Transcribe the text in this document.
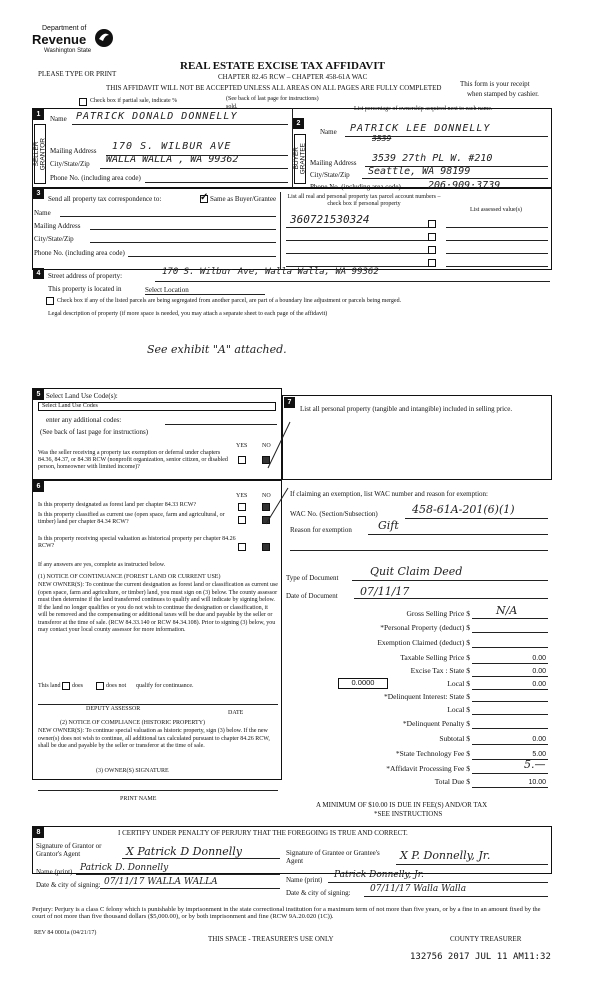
Department of
Revenue
Washington State
PLEASE TYPE OR PRINT
REAL ESTATE EXCISE TAX AFFIDAVIT
CHAPTER 82.45 RCW – CHAPTER 458-61A WAC
THIS AFFIDAVIT WILL NOT BE ACCEPTED UNLESS ALL AREAS ON ALL PAGES ARE FULLY COMPLETED	This form is your receipt
when stamped by cashier.
Check box if partial sale, indicate %
sold.
(See back of last page for instructions)
List percentage of ownership acquired next to each name.
1
2
SELLER
GRANTOR	BUYER
GRANTEE
Name PATRICK DONALD DONNELLY
Mailing Address 170 S. WILBUR AVE
City/State/Zip WALLA WALLA , WA 99362
Phone No. (including area code)
Name PATRICK LEE DONNELLY
3539
Mailing Address 3539 27th PL W. #210
City/State/Zip Seattle, WA 98199
Phone No. (including area code)	206·909·3739
3
Send all property tax correspondence to:	✓ Same as Buyer/Grantee
Name
Mailing Address
City/State/Zip
Phone No. (including area code)
List all real and personal property tax parcel account numbers – check box if personal property
List assessed value(s)
360721530324
4	Street address of property:	170 S. Wilbur Ave, Walla Walla, WA 99362
This property is located in	Select Location
Check box if any of the listed parcels are being segregated from another parcel, are part of a boundary line adjustment or parcels being merged.
Legal description of property (if more space is needed, you may attach a separate sheet to each page of the affidavit)
See exhibit "A" attached.
5 Select Land Use Code(s):
Select Land Use Codes
enter any additional codes:
(See back of last page for instructions)
YES NO
Was the seller receiving a property tax exemption or deferral under chapters 84.36, 84.37, or 84.38 RCW (nonprofit organization, senior citizen, or disabled person, homeowner with limited income)?
7
List all personal property (tangible and intangible) included in selling price.
6
YES NO
Is this property designated as forest land per chapter 84.33 RCW?
Is this property classified as current use (open space, farm and agricultural, or timber) land per chapter 84.34 RCW?
Is this property receiving special valuation as historical property per chapter 84.26 RCW?
If any answers are yes, complete as instructed below.
(1) NOTICE OF CONTINUANCE (FOREST LAND OR CURRENT USE)
NEW OWNER(S): To continue the current designation as forest land or classification as current use (open space, farm and agriculture, or timber) land, you must sign on (3) below. The county assessor must then determine if the land transferred continues to qualify and will indicate by signing below. If the land no longer qualifies or you do not wish to continue the designation or classification, it will be removed and the compensating or additional taxes will be due and payable by the seller or transferor at the time of sale. (RCW 84.33.140 or RCW 84.34.108). Prior to signing (3) below, you may contact your local county assessor for more information.
This land does	does not qualify for continuance.
DEPUTY ASSESSOR
DATE
(2) NOTICE OF COMPLIANCE (HISTORIC PROPERTY)
NEW OWNER(S): To continue special valuation as historic property, sign (3) below. If the new owner(s) does not wish to continue, all additional tax calculated pursuant to chapter 84.26 RCW, shall be due and payable by the seller or transferor at the time of sale.
(3) OWNER(S) SIGNATURE
PRINT NAME
If claiming an exemption, list WAC number and reason for exemption:
WAC No. (Section/Subsection)	458-61A-201(6)(1)
Reason for exemption Gift
Type of Document	Quit Claim Deed
Date of Document 07/11/17
Gross Selling Price $ N/A
*Personal Property (deduct) $
Exemption Claimed (deduct) $
Taxable Selling Price $	0.00
Excise Tax : State $	0.00
0.0000	Local $	0.00
*Delinquent Interest: State $
Local $
*Delinquent Penalty $
Subtotal $	0.00
*State Technology Fee $	5.00
*Affidavit Processing Fee $	5.—
Total Due $	10.00
A MINIMUM OF $10.00 IS DUE IN FEE(S) AND/OR TAX
*SEE INSTRUCTIONS
8	I CERTIFY UNDER PENALTY OF PERJURY THAT THE FOREGOING IS TRUE AND CORRECT.
Signature of Grantor or Grantor's Agent	X Patrick D Donnelly
Name (print) Patrick D. Donnelly
Date & city of signing: 07/11/17 WALLA WALLA
Signature of Grantee or Grantee's Agent	X P. Donnelly, Jr.
Name (print) Patrick Donnelly, Jr.
Date & city of signing: 07/11/17 Walla Walla
Perjury: Perjury is a class C felony which is punishable by imprisonment in the state correctional institution for a maximum term of not more than five years, or by a fine in an amount fixed by the court of not more than five thousand dollars ($5,000.00), or by both imprisonment and fine (RCW 9A.20.020 (1C)).
REV 84 0001a (04/21/17)
THIS SPACE - TREASURER'S USE ONLY	COUNTY TREASURER
132756 2017 JUL 11 AM11:32
